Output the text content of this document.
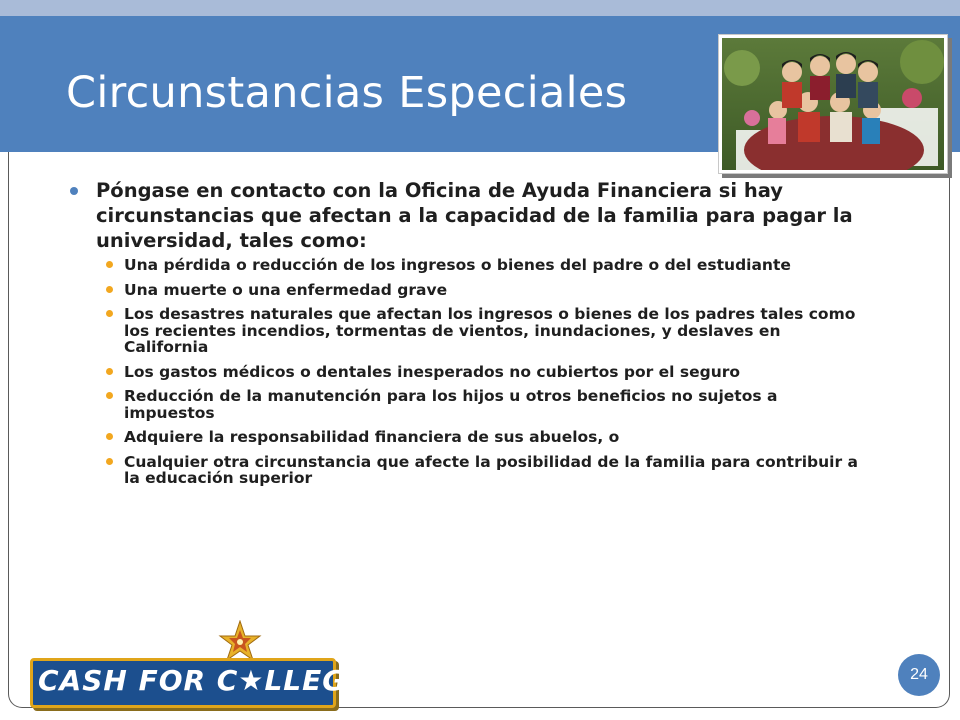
Circunstancias Especiales
Póngase en contacto con la Oficina de Ayuda Financiera si hay circunstancias que afectan a la capacidad de la familia para pagar la universidad, tales como:
Una pérdida o reducción de los ingresos o bienes del padre o del estudiante
Una muerte o una enfermedad grave
Los desastres naturales que afectan los ingresos o bienes de los padres tales como los recientes incendios, tormentas de vientos, inundaciones, y deslaves en California
Los gastos médicos o dentales inesperados no cubiertos por el seguro
Reducción de la manutención para los hijos u otros beneficios no sujetos a impuestos
Adquiere la responsabilidad financiera de sus abuelos, o
Cualquier otra circunstancia que afecte la posibilidad de la familia para contribuir a la educación superior
CASH FOR C★LLEGE	24
